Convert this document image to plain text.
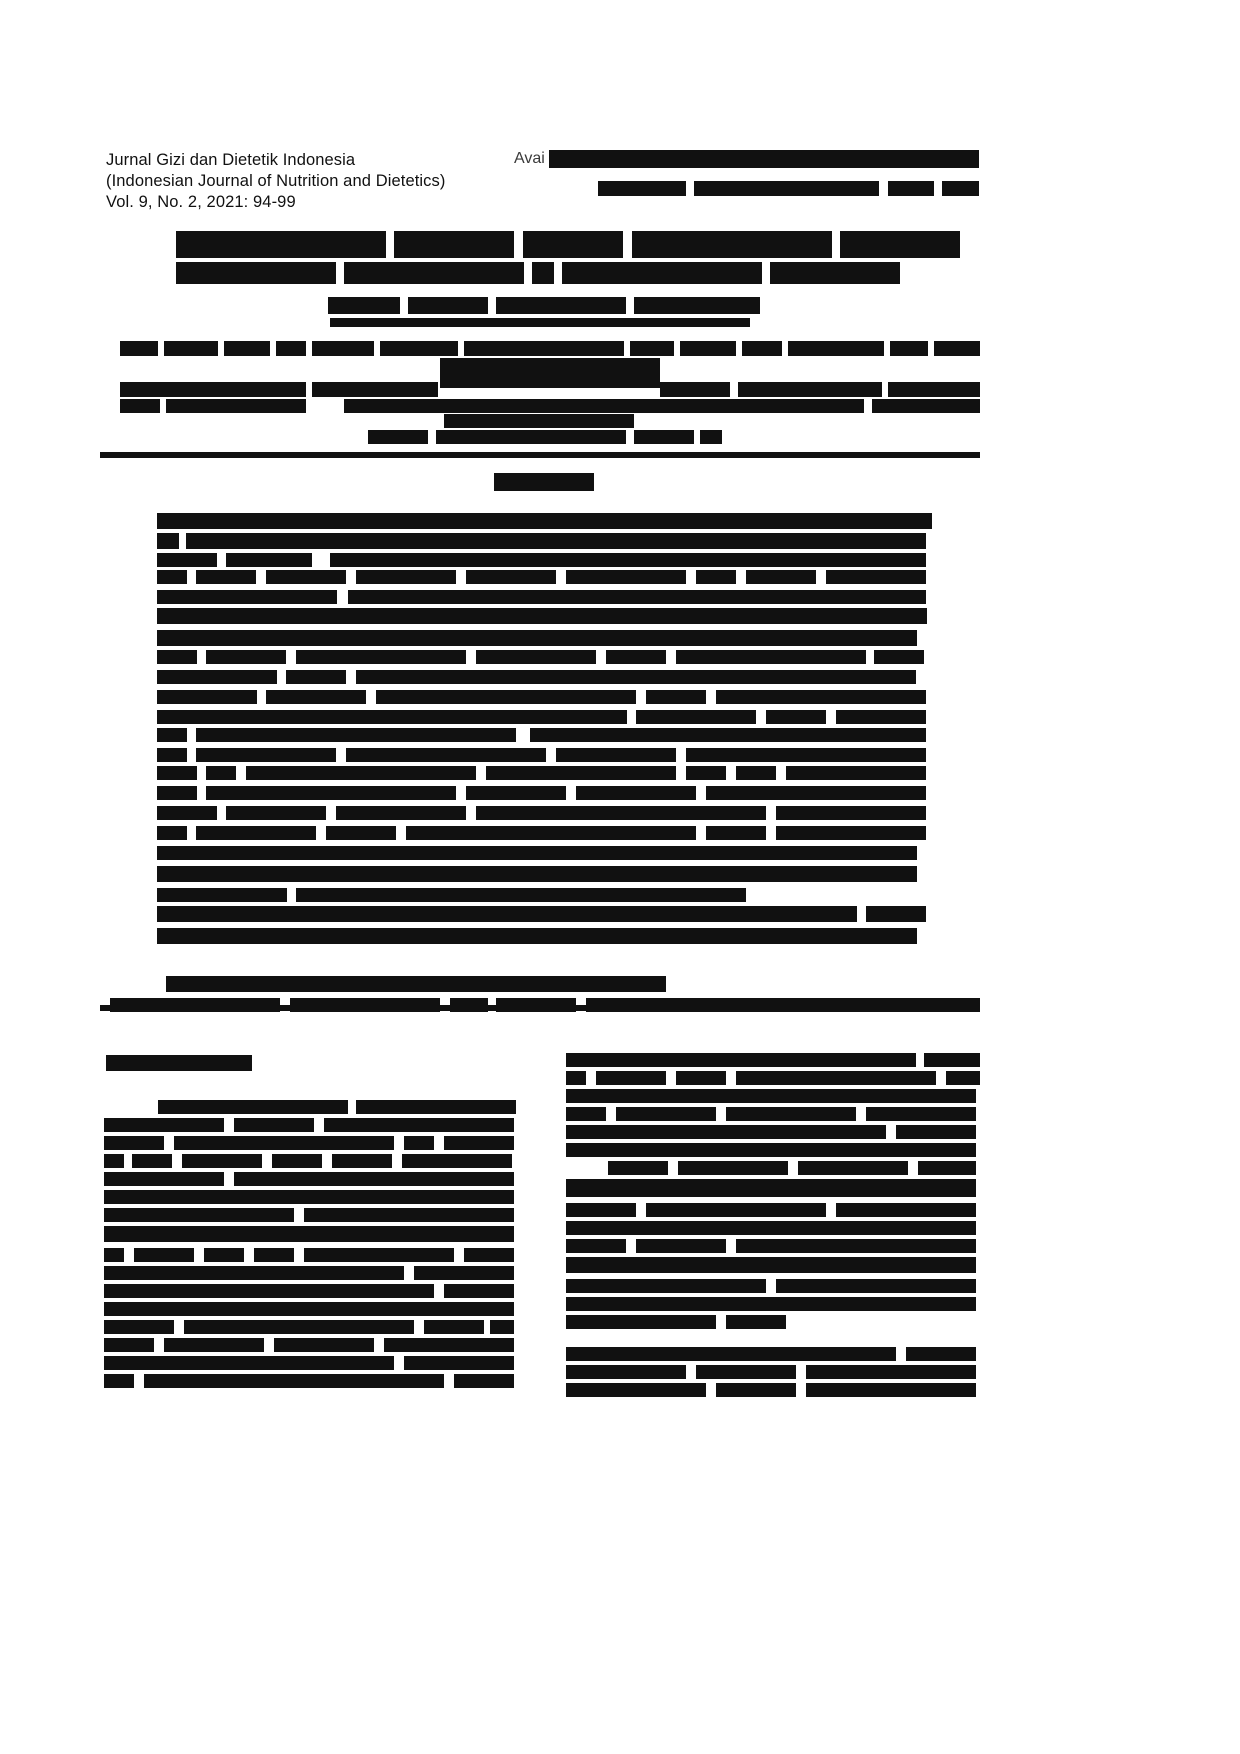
Jurnal Gizi dan Dietetik Indonesia
(Indonesian Journal of Nutrition and Dietetics)
Vol. 9, No. 2, 2021: 94-99
Avai
